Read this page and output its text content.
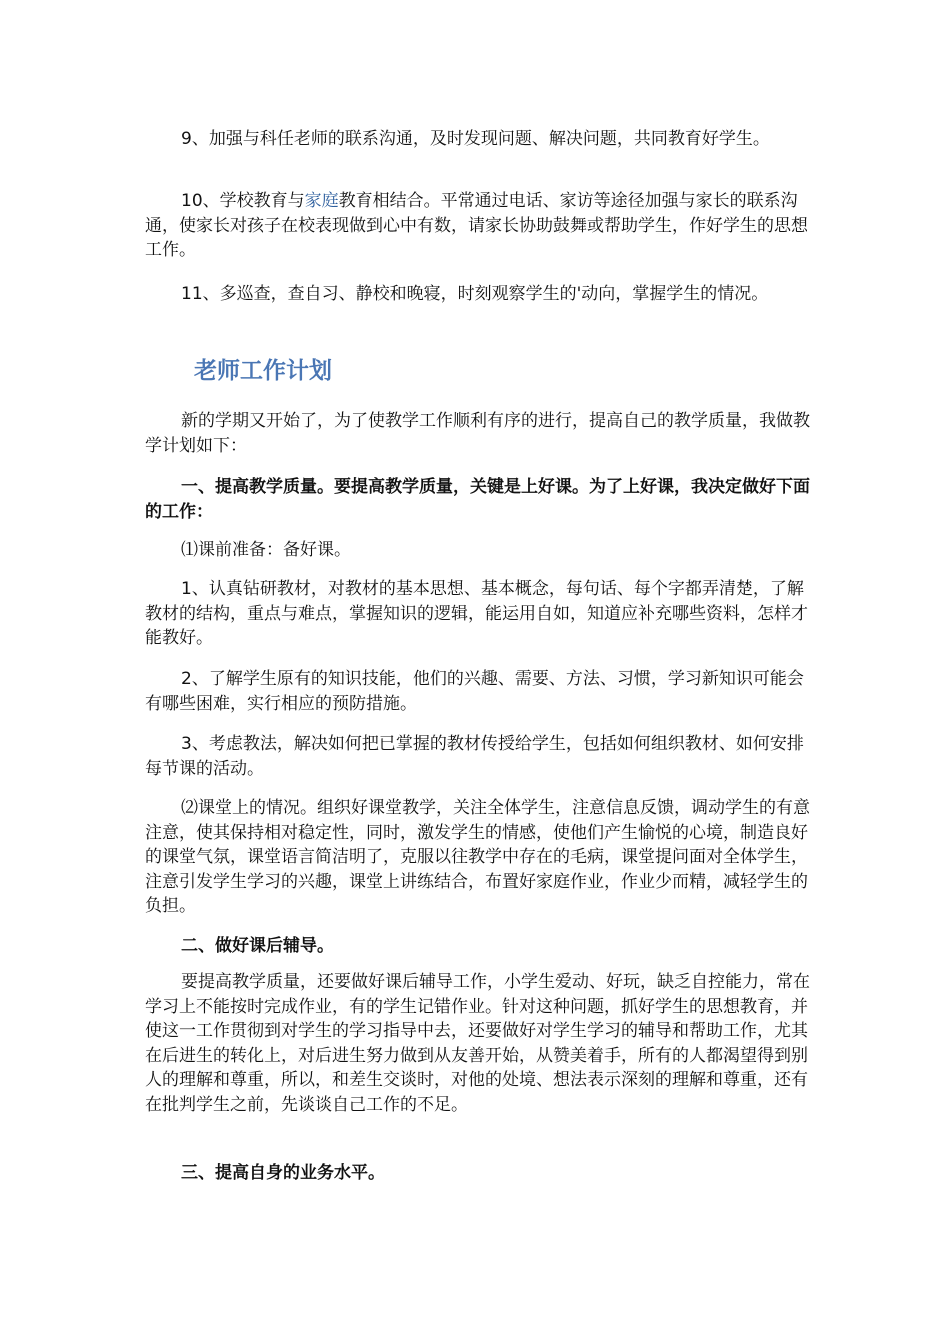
9、加强与科任老师的联系沟通，及时发现问题、解决问题，共同教育好学生。

10、学校教育与家庭教育相结合。平常通过电话、家访等途径加强与家长的联系沟通，使家长对孩子在校表现做到心中有数，请家长协助鼓舞或帮助学生，作好学生的思想工作。

11、多巡查，查自习、静校和晚寝，时刻观察学生的'动向，掌握学生的情况。

老师工作计划

新的学期又开始了，为了使教学工作顺利有序的进行，提高自己的教学质量，我做教学计划如下：

一、提高教学质量。要提高教学质量，关键是上好课。为了上好课，我决定做好下面的工作：

⑴课前准备：备好课。

1、认真钻研教材，对教材的基本思想、基本概念，每句话、每个字都弄清楚，了解教材的结构，重点与难点，掌握知识的逻辑，能运用自如，知道应补充哪些资料，怎样才能教好。

2、了解学生原有的知识技能，他们的兴趣、需要、方法、习惯，学习新知识可能会有哪些困难，实行相应的预防措施。

3、考虑教法，解决如何把已掌握的教材传授给学生，包括如何组织教材、如何安排每节课的活动。

⑵课堂上的情况。组织好课堂教学，关注全体学生，注意信息反馈，调动学生的有意注意，使其保持相对稳定性，同时，激发学生的情感，使他们产生愉悦的心境，制造良好的课堂气氛，课堂语言简洁明了，克服以往教学中存在的毛病，课堂提问面对全体学生，注意引发学生学习的兴趣，课堂上讲练结合，布置好家庭作业，作业少而精，减轻学生的负担。

二、做好课后辅导。

要提高教学质量，还要做好课后辅导工作，小学生爱动、好玩，缺乏自控能力，常在学习上不能按时完成作业，有的学生记错作业。针对这种问题，抓好学生的思想教育，并使这一工作贯彻到对学生的学习指导中去，还要做好对学生学习的辅导和帮助工作，尤其在后进生的转化上，对后进生努力做到从友善开始，从赞美着手，所有的人都渴望得到别人的理解和尊重，所以，和差生交谈时，对他的处境、想法表示深刻的理解和尊重，还有在批判学生之前，先谈谈自己工作的不足。

三、提高自身的业务水平。
